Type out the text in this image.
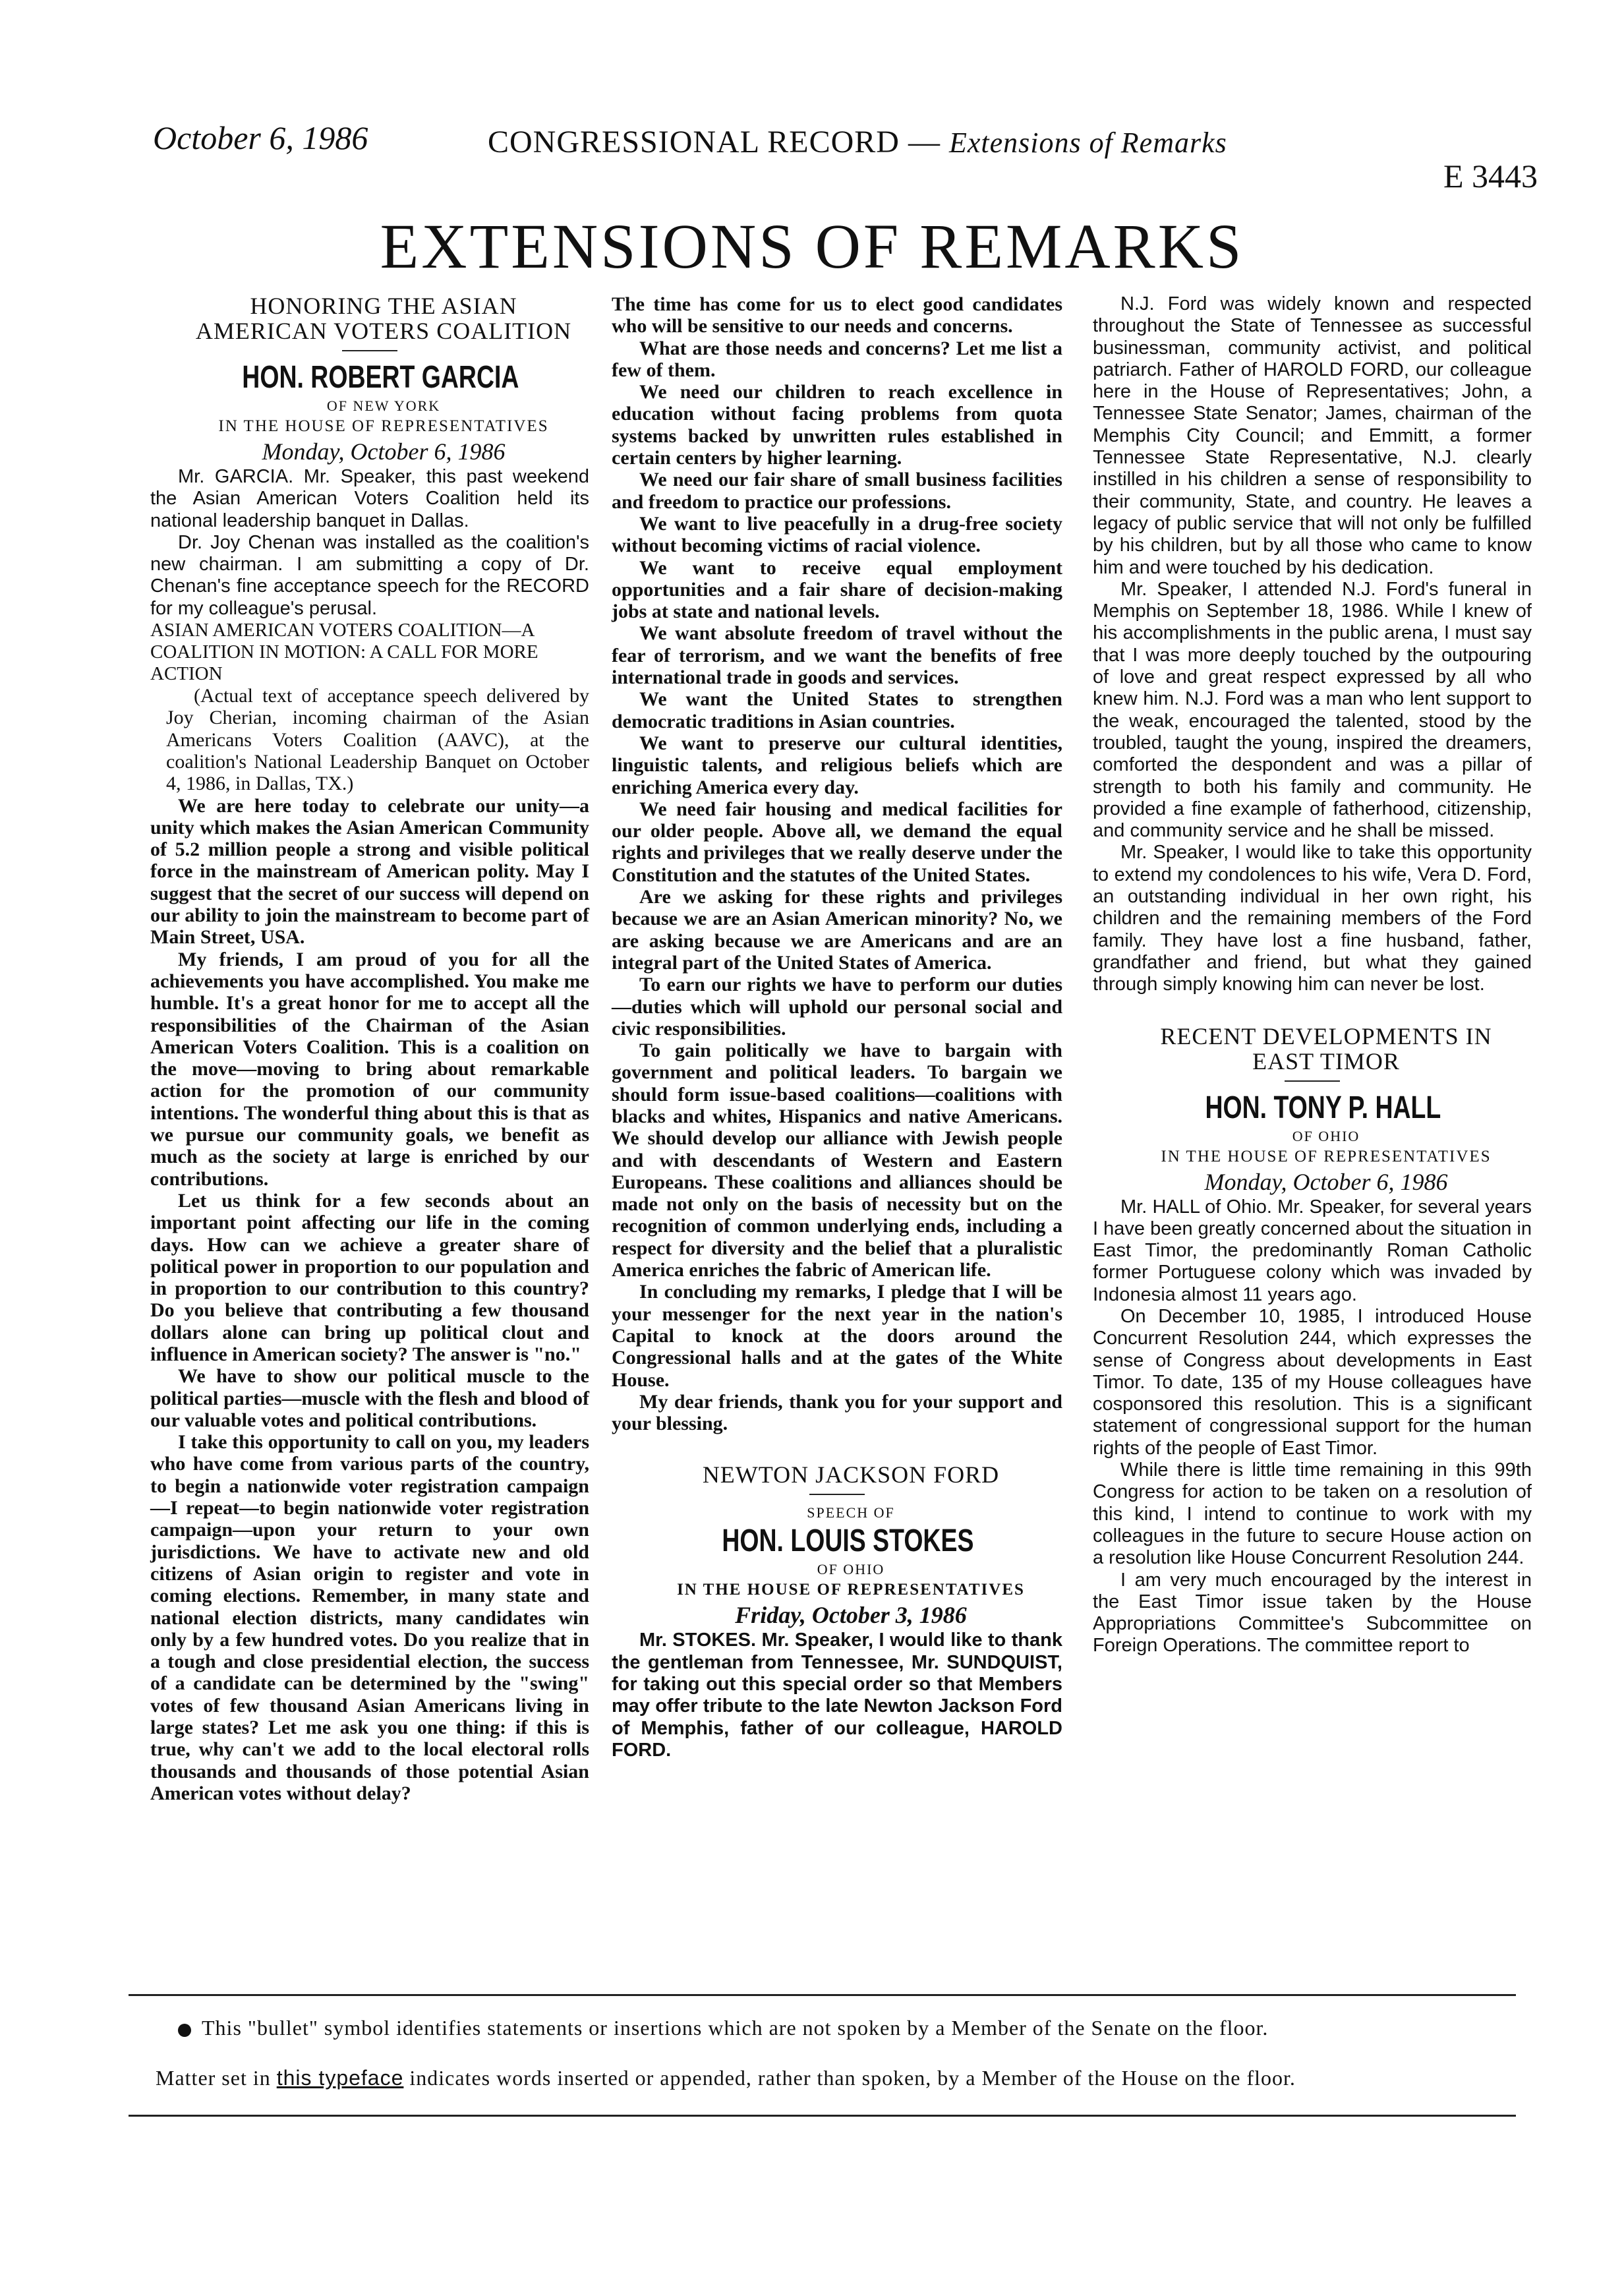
October 6, 1986	CONGRESSIONAL RECORD — Extensions of Remarks
E 3443
EXTENSIONS OF REMARKS

HONORING THE ASIAN

AMERICAN VOTERS COALITION

HON. ROBERT GARCIA

OF NEW YORK

IN THE HOUSE OF REPRESENTATIVES

Monday, October 6, 1986

Mr. GARCIA. Mr. Speaker, this past weekend the Asian American Voters Coalition held its national leadership banquet in Dallas.

Dr. Joy Chenan was installed as the coalition's new chairman. I am submitting a copy of Dr. Chenan's fine acceptance speech for the RECORD for my colleague's perusal.

ASIAN AMERICAN VOTERS COALITION—A COALITION IN MOTION: A CALL FOR MORE ACTION

(Actual text of acceptance speech delivered by Joy Cherian, incoming chairman of the Asian Americans Voters Coalition (AAVC), at the coalition's National Leadership Banquet on October 4, 1986, in Dallas, TX.)

We are here today to celebrate our unity—a unity which makes the Asian American Community of 5.2 million people a strong and visible political force in the mainstream of American polity. May I suggest that the secret of our success will depend on our ability to join the mainstream to become part of Main Street, USA.

My friends, I am proud of you for all the achievements you have accomplished. You make me humble. It's a great honor for me to accept all the responsibilities of the Chairman of the Asian American Voters Coalition. This is a coalition on the move—moving to bring about remarkable action for the promotion of our community intentions. The wonderful thing about this is that as we pursue our community goals, we benefit as much as the society at large is enriched by our contributions.

Let us think for a few seconds about an important point affecting our life in the coming days. How can we achieve a greater share of political power in proportion to our population and in proportion to our contribution to this country? Do you believe that contributing a few thousand dollars alone can bring up political clout and influence in American society? The answer is "no."

We have to show our political muscle to the political parties—muscle with the flesh and blood of our valuable votes and political contributions.

I take this opportunity to call on you, my leaders who have come from various parts of the country, to begin a nationwide voter registration campaign—I repeat—to begin nationwide voter registration campaign—upon your return to your own jurisdictions. We have to activate new and old citizens of Asian origin to register and vote in coming elections. Remember, in many state and national election districts, many candidates win only by a few hundred votes. Do you realize that in a tough and close presidential election, the success of a candidate can be determined by the "swing" votes of few thousand Asian Americans living in large states? Let me ask you one thing: if this is true, why can't we add to the local electoral rolls thousands and thousands of those potential Asian American votes without delay?

The time has come for us to elect good candidates who will be sensitive to our needs and concerns.

What are those needs and concerns? Let me list a few of them.

We need our children to reach excellence in education without facing problems from quota systems backed by unwritten rules established in certain centers by higher learning.

We need our fair share of small business facilities and freedom to practice our professions.

We want to live peacefully in a drug-free society without becoming victims of racial violence.

We want to receive equal employment opportunities and a fair share of decision-making jobs at state and national levels.

We want absolute freedom of travel without the fear of terrorism, and we want the benefits of free international trade in goods and services.

We want the United States to strengthen democratic traditions in Asian countries.

We want to preserve our cultural identities, linguistic talents, and religious beliefs which are enriching America every day.

We need fair housing and medical facilities for our older people. Above all, we demand the equal rights and privileges that we really deserve under the Constitution and the statutes of the United States.

Are we asking for these rights and privileges because we are an Asian American minority? No, we are asking because we are Americans and are an integral part of the United States of America.

To earn our rights we have to perform our duties—duties which will uphold our personal social and civic responsibilities.

To gain politically we have to bargain with government and political leaders. To bargain we should form issue-based coalitions—coalitions with blacks and whites, Hispanics and native Americans. We should develop our alliance with Jewish people and with descendants of Western and Eastern Europeans. These coalitions and alliances should be made not only on the basis of necessity but on the recognition of common underlying ends, including a respect for diversity and the belief that a pluralistic America enriches the fabric of American life.

In concluding my remarks, I pledge that I will be your messenger for the next year in the nation's Capital to knock at the doors around the Congressional halls and at the gates of the White House.

My dear friends, thank you for your support and your blessing.

NEWTON JACKSON FORD

SPEECH OF

HON. LOUIS STOKES

OF OHIO

IN THE HOUSE OF REPRESENTATIVES

Friday, October 3, 1986

Mr. STOKES. Mr. Speaker, I would like to thank the gentleman from Tennessee, Mr. SUNDQUIST, for taking out this special order so that Members may offer tribute to the late Newton Jackson Ford of Memphis, father of our colleague, HAROLD FORD.

N.J. Ford was widely known and respected throughout the State of Tennessee as successful businessman, community activist, and political patriarch. Father of HAROLD FORD, our colleague here in the House of Representatives; John, a Tennessee State Senator; James, chairman of the Memphis City Council; and Emmitt, a former Tennessee State Representative, N.J. clearly instilled in his children a sense of responsibility to their community, State, and country. He leaves a legacy of public service that will not only be fulfilled by his children, but by all those who came to know him and were touched by his dedication.

Mr. Speaker, I attended N.J. Ford's funeral in Memphis on September 18, 1986. While I knew of his accomplishments in the public arena, I must say that I was more deeply touched by the outpouring of love and great respect expressed by all who knew him. N.J. Ford was a man who lent support to the weak, encouraged the talented, stood by the troubled, taught the young, inspired the dreamers, comforted the despondent and was a pillar of strength to both his family and community. He provided a fine example of fatherhood, citizenship, and community service and he shall be missed.

Mr. Speaker, I would like to take this opportunity to extend my condolences to his wife, Vera D. Ford, an outstanding individual in her own right, his children and the remaining members of the Ford family. They have lost a fine husband, father, grandfather and friend, but what they gained through simply knowing him can never be lost.

RECENT DEVELOPMENTS IN

EAST TIMOR

HON. TONY P. HALL

OF OHIO

IN THE HOUSE OF REPRESENTATIVES

Monday, October 6, 1986

Mr. HALL of Ohio. Mr. Speaker, for several years I have been greatly concerned about the situation in East Timor, the predominantly Roman Catholic former Portuguese colony which was invaded by Indonesia almost 11 years ago.

On December 10, 1985, I introduced House Concurrent Resolution 244, which expresses the sense of Congress about developments in East Timor. To date, 135 of my House colleagues have cosponsored this resolution. This is a significant statement of congressional support for the human rights of the people of East Timor.

While there is little time remaining in this 99th Congress for action to be taken on a resolution of this kind, I intend to continue to work with my colleagues in the future to secure House action on a resolution like House Concurrent Resolution 244.

I am very much encouraged by the interest in the East Timor issue taken by the House Appropriations Committee's Subcommittee on Foreign Operations. The committee report to

This "bullet" symbol identifies statements or insertions which are not spoken by a Member of the Senate on the floor.
Matter set in this typeface indicates words inserted or appended, rather than spoken, by a Member of the House on the floor.
